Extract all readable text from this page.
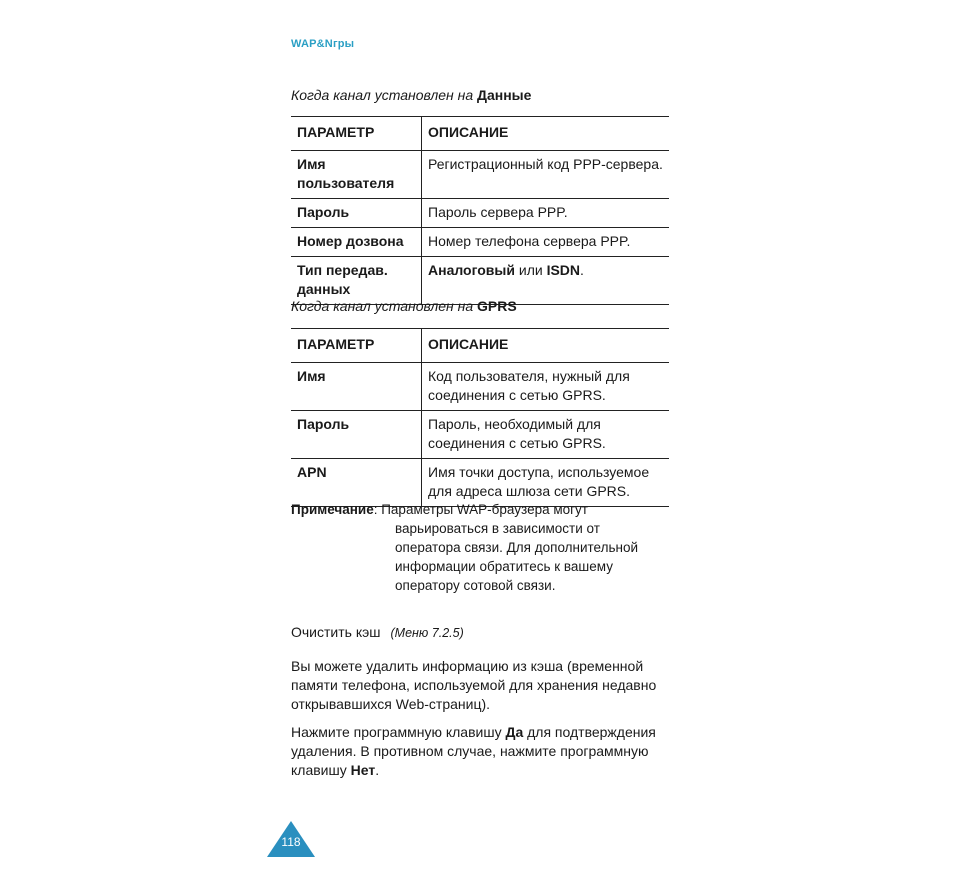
WAP&Nгры
Когда канал установлен на Данные
ПАРАМЕТР	ОПИСАНИЕ
Имя пользователя	Регистрационный код PPP-сервера.
Пароль	Пароль сервера PPP.
Номер дозвона	Номер телефона сервера PPP.
Тип передав. данных	Аналоговый или ISDN.
Когда канал установлен на GPRS
ПАРАМЕТР	ОПИСАНИЕ
Имя	Код пользователя, нужный для соединения с сетью GPRS.
Пароль	Пароль, необходимый для соединения с сетью GPRS.
APN	Имя точки доступа, используемое для адреса шлюза сети GPRS.
Примечание: Параметры WAP-браузера могут
варьироваться в зависимости от
оператора связи. Для дополнительной
информации обратитесь к вашему
оператору сотовой связи.
Очистить кэш (Меню 7.2.5)
Вы можете удалить информацию из кэша (временной памяти телефона, используемой для хранения недавно открывавшихся Web-страниц).
Нажмите программную клавишу Да для подтверждения удаления. В противном случае, нажмите программную клавишу Нет.
118
